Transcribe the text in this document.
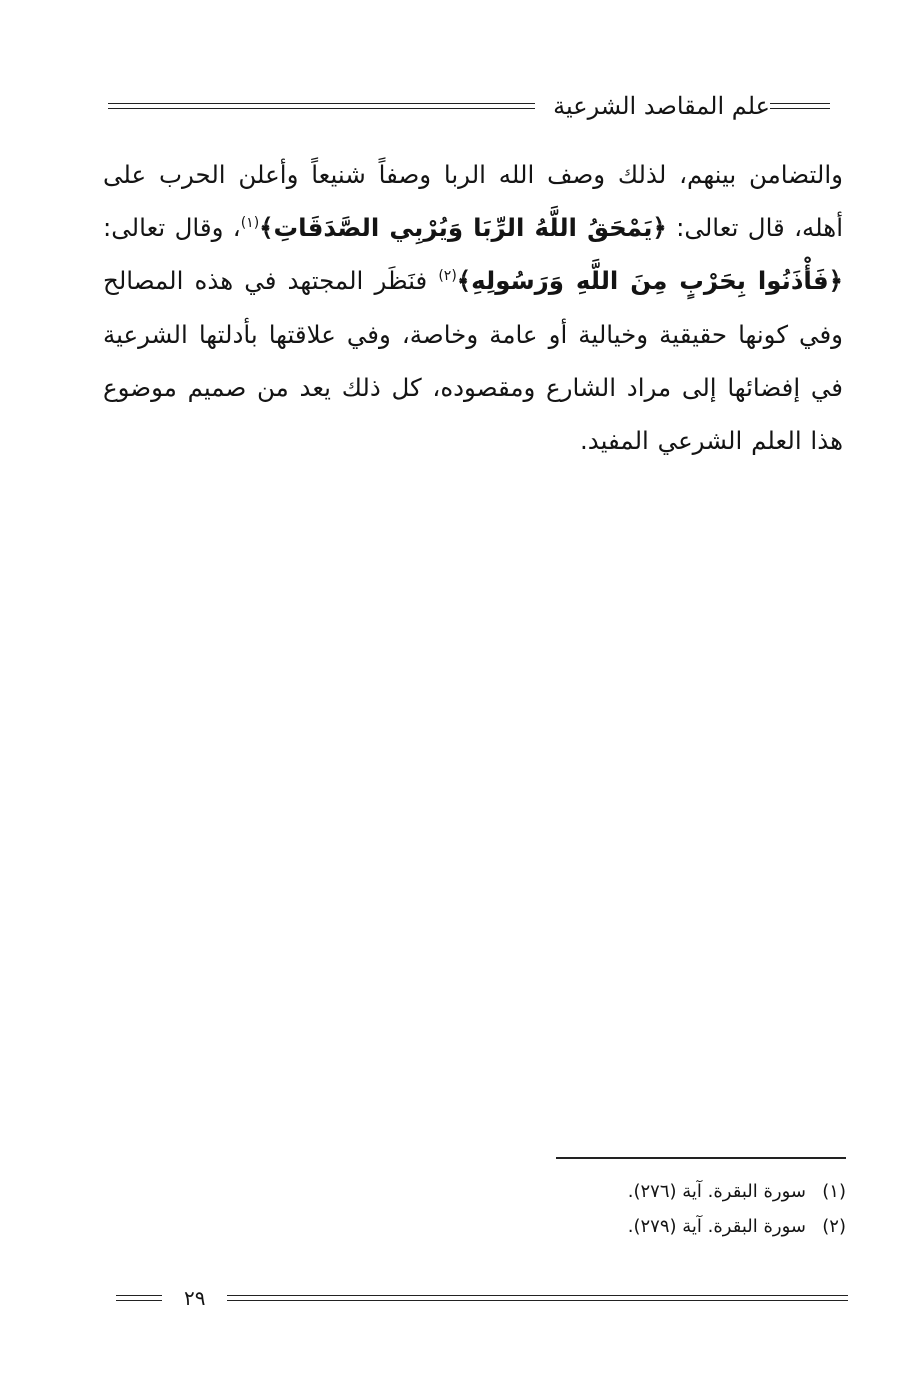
علم المقاصد الشرعية
والتضامن بينهم، لذلك وصف الله الربا وصفاً شنيعاً وأعلن الحرب على أهله، قال تعالى: ﴿يَمْحَقُ اللَّهُ الرِّبَا وَيُرْبِي الصَّدَقَاتِ﴾$^{(١)}$، وقال تعالى: ﴿فَأْذَنُوا بِحَرْبٍ مِنَ اللَّهِ وَرَسُولِهِ﴾$^{(٢)}$ فنَظَر المجتهد في هذه المصالح وفي كونها حقيقية وخيالية أو عامة وخاصة، وفي علاقتها بأدلتها الشرعية في إفضائها إلى مراد الشارع ومقصوده، كل ذلك يعد من صميم موضوع هذا العلم الشرعي المفيد.
(١)سورة البقرة. آية (٢٧٦).
(٢)سورة البقرة. آية (٢٧٩).
٢٩
